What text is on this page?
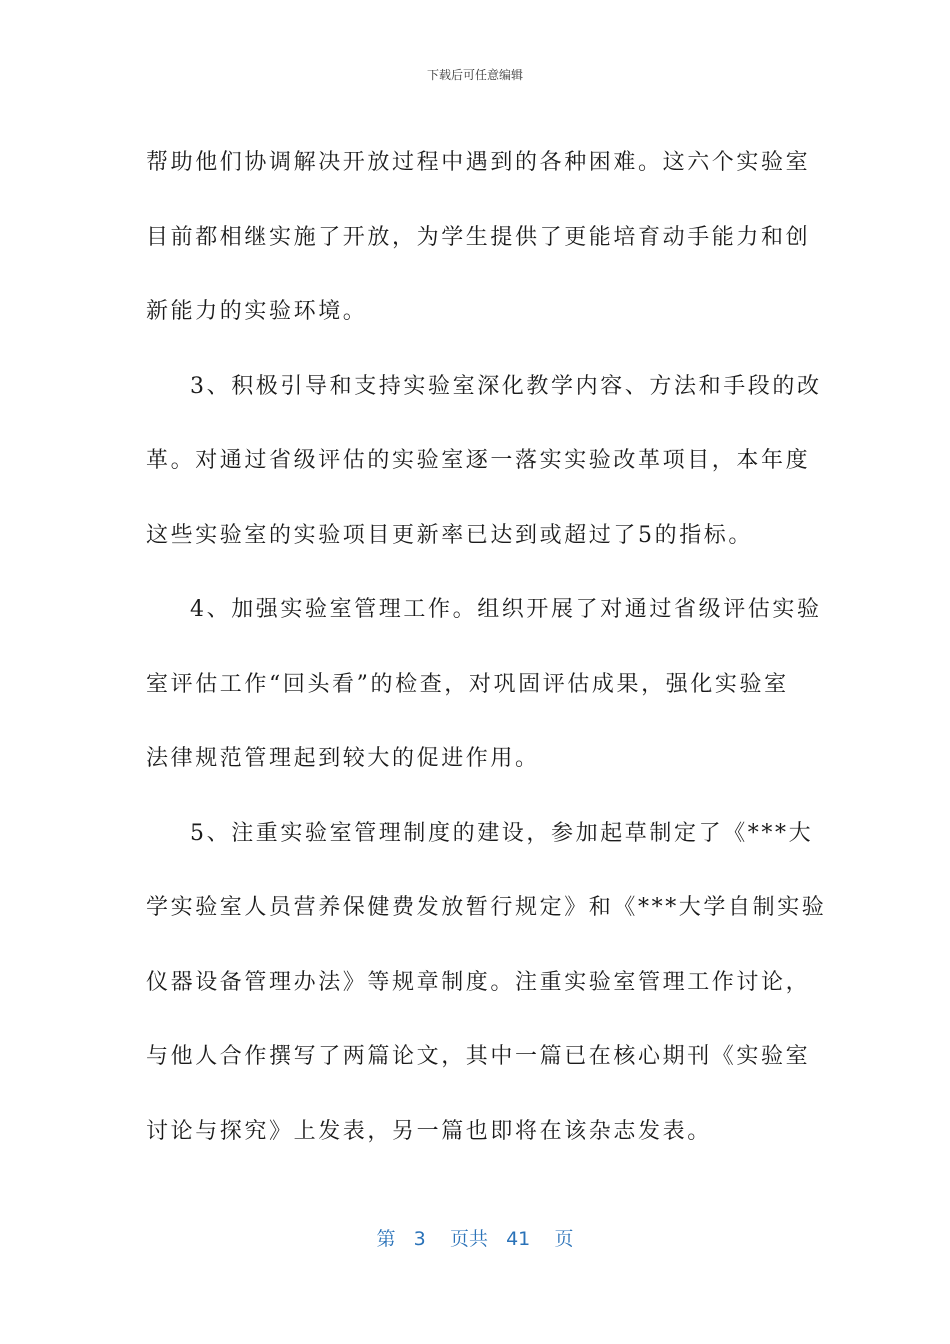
下载后可任意编辑
帮助他们协调解决开放过程中遇到的各种困难。这六个实验室
目前都相继实施了开放，为学生提供了更能培育动手能力和创
新能力的实验环境。
3、积极引导和支持实验室深化教学内容、方法和手段的改
革。对通过省级评估的实验室逐一落实实验改革项目，本年度
这些实验室的实验项目更新率已达到或超过了5的指标。
4、加强实验室管理工作。组织开展了对通过省级评估实验
室评估工作“回头看”的检查，对巩固评估成果，强化实验室
法律规范管理起到较大的促进作用。
5、注重实验室管理制度的建设，参加起草制定了《***大
学实验室人员营养保健费发放暂行规定》和《***大学自制实验
仪器设备管理办法》等规章制度。注重实验室管理工作讨论，
与他人合作撰写了两篇论文，其中一篇已在核心期刊《实验室
讨论与探究》上发表，另一篇也即将在该杂志发表。
第 3 页共 41 页
